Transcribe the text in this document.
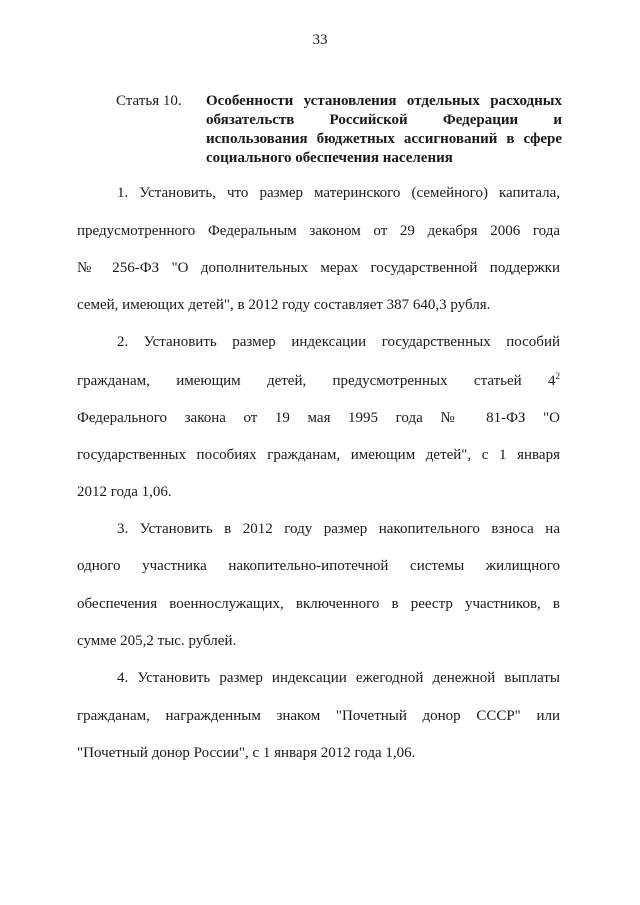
33
Статья 10. Особенности установления отдельных расходных обязательств Российской Федерации и использования бюджетных ассигнований в сфере социального обеспечения населения
1. Установить, что размер материнского (семейного) капитала,
предусмотренного Федеральным законом от 29 декабря 2006 года
№ 256-ФЗ "О дополнительных мерах государственной поддержки
семей, имеющих детей", в 2012 году составляет 387 640,3 рубля.
2. Установить размер индексации государственных пособий
гражданам, имеющим детей, предусмотренных статьей $4^2$
Федерального закона от 19 мая 1995 года № 81-ФЗ "О
государственных пособиях гражданам, имеющим детей", с 1 января
2012 года 1,06.
3. Установить в 2012 году размер накопительного взноса на
одного участника накопительно-ипотечной системы жилищного
обеспечения военнослужащих, включенного в реестр участников, в
сумме 205,2 тыс. рублей.
4. Установить размер индексации ежегодной денежной выплаты
гражданам, награжденным знаком "Почетный донор СССР" или
"Почетный донор России", с 1 января 2012 года 1,06.
